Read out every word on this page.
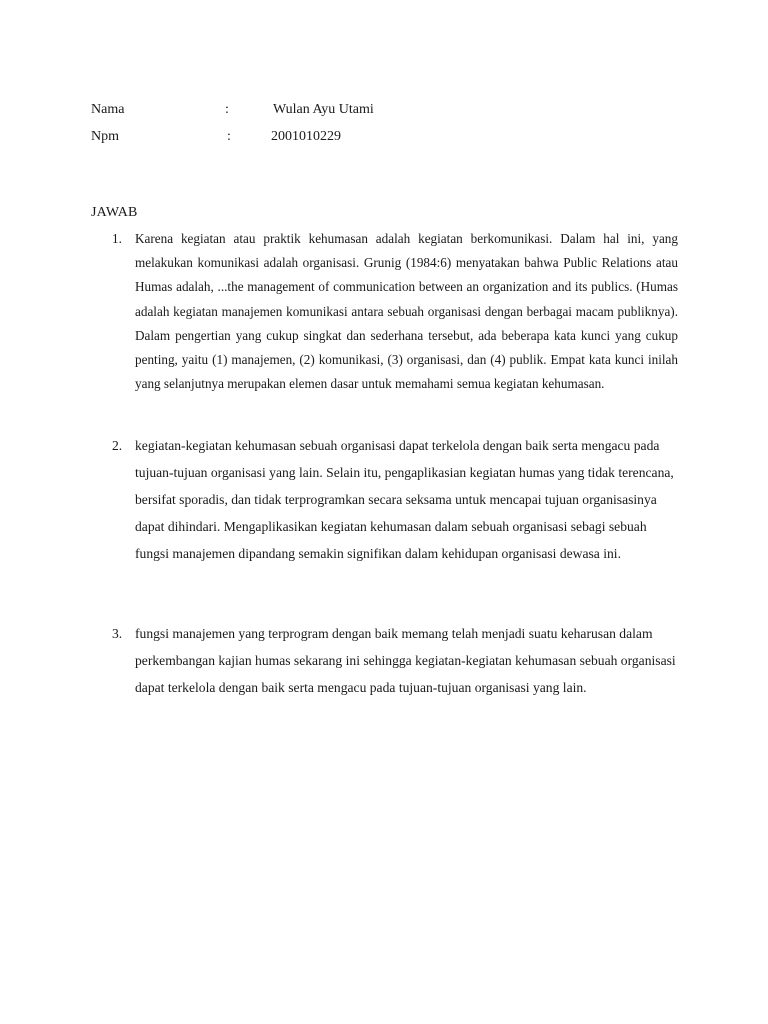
Nama	:	Wulan Ayu Utami
Npm	:	2001010229
JAWAB
1. Karena kegiatan atau praktik kehumasan adalah kegiatan berkomunikasi. Dalam hal ini, yang melakukan komunikasi adalah organisasi. Grunig (1984:6) menyatakan bahwa Public Relations atau Humas adalah, ...the management of communication between an organization and its publics. (Humas adalah kegiatan manajemen komunikasi antara sebuah organisasi dengan berbagai macam publiknya). Dalam pengertian yang cukup singkat dan sederhana tersebut, ada beberapa kata kunci yang cukup penting, yaitu (1) manajemen, (2) komunikasi, (3) organisasi, dan (4) publik. Empat kata kunci inilah yang selanjutnya merupakan elemen dasar untuk memahami semua kegiatan kehumasan.
2. kegiatan-kegiatan kehumasan sebuah organisasi dapat terkelola dengan baik serta mengacu pada tujuan-tujuan organisasi yang lain. Selain itu, pengaplikasian kegiatan humas yang tidak terencana, bersifat sporadis, dan tidak terprogramkan secara seksama untuk mencapai tujuan organisasinya dapat dihindari. Mengaplikasikan kegiatan kehumasan dalam sebuah organisasi sebagi sebuah fungsi manajemen dipandang semakin signifikan dalam kehidupan organisasi dewasa ini.
3. fungsi manajemen yang terprogram dengan baik memang telah menjadi suatu keharusan dalam perkembangan kajian humas sekarang ini sehingga kegiatan-kegiatan kehumasan sebuah organisasi dapat terkelola dengan baik serta mengacu pada tujuan-tujuan organisasi yang lain.
